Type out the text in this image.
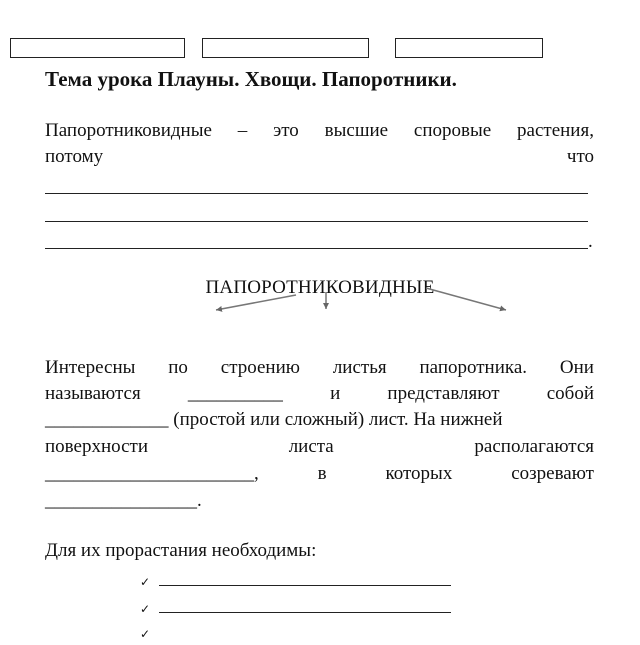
Тема урока Плауны. Хвощи. Папоротники.
Папоротниковидные – это высшие споровые растения,
потому	что
.
ПАПОРОТНИКОВИДНЫЕ
Интересны по строению листья папоротника. Они
называются __________ и представляют собой
_____________ (простой или сложный) лист. На нижней
поверхности	листа	располагаются
______________________,	в	которых	созревают
________________.
Для их прорастания необходимы:
✓
✓
✓
